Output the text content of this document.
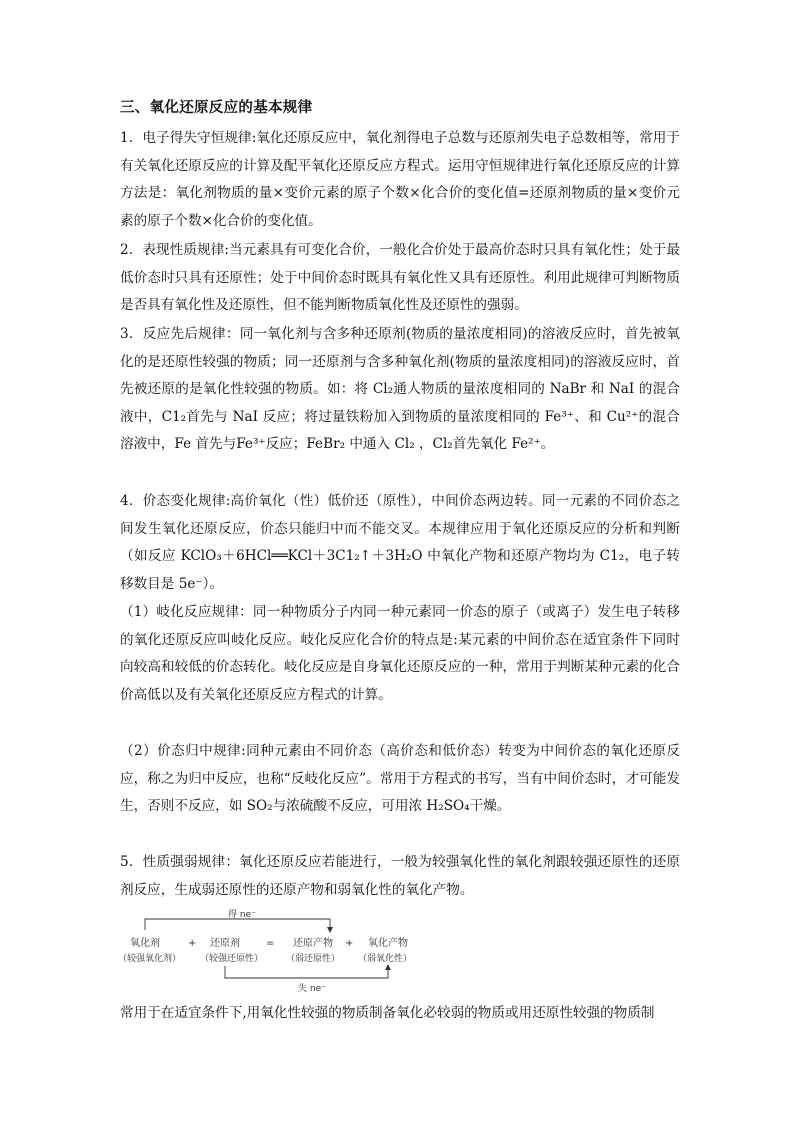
三、氧化还原反应的基本规律
1．电子得失守恒规律:氧化还原反应中，氧化剂得电子总数与还原剂失电子总数相等，常用于有关氧化还原反应的计算及配平氧化还原反应方程式。运用守恒规律进行氧化还原反应的计算方法是：氧化剂物质的量×变价元素的原子个数×化合价的变化值=还原剂物质的量×变价元素的原子个数×化合价的变化值。
2．表现性质规律:当元素具有可变化合价，一般化合价处于最高价态时只具有氧化性；处于最低价态时只具有还原性；处于中间价态时既具有氧化性又具有还原性。利用此规律可判断物质是否具有氧化性及还原性，但不能判断物质氧化性及还原性的强弱。
3．反应先后规律：同一氧化剂与含多种还原剂(物质的量浓度相同)的溶液反应时，首先被氧化的是还原性较强的物质；同一还原剂与含多种氧化剂(物质的量浓度相同)的溶液反应时，首先被还原的是氧化性较强的物质。如：将 Cl₂通人物质的量浓度相同的 NaBr 和 NaI 的混合液中，C1₂首先与 NaI 反应；将过量铁粉加入到物质的量浓度相同的 Fe³⁺、和 Cu²⁺的混合溶液中，Fe 首先与Fe³⁺反应；FeBr₂ 中通入 Cl₂ ，Cl₂首先氧化 Fe²⁺。
4．价态变化规律:高价氧化（性）低价还（原性），中间价态两边转。同一元素的不同价态之间发生氧化还原反应，价态只能归中而不能交叉。本规律应用于氧化还原反应的分析和判断（如反应 KClO₃＋6HCl══KCl＋3C1₂↑＋3H₂O 中氧化产物和还原产物均为 C1₂，电子转移数目是 5e⁻）。
（1）岐化反应规律：同一种物质分子内同一种元素同一价态的原子（或离子）发生电子转移的氧化还原反应叫岐化反应。岐化反应化合价的特点是:某元素的中间价态在适宜条件下同时向较高和较低的价态转化。岐化反应是自身氧化还原反应的一种，常用于判断某种元素的化合价高低以及有关氧化还原反应方程式的计算。
（2）价态归中规律:同种元素由不同价态（高价态和低价态）转变为中间价态的氧化还原反应，称之为归中反应，也称“反岐化反应”。常用于方程式的书写，当有中间价态时，才可能发生，否则不反应，如 SO₂与浓硫酸不反应，可用浓 H₂SO₄干燥。
5．性质强弱规律：氧化还原反应若能进行，一般为较强氧化性的氧化剂跟较强还原性的还原剂反应，生成弱还原性的还原产物和弱氧化性的氧化产物。
得 ne⁻
氧化剂	+ 还原剂	= 还原产物 + 氧化产物
（较强氧化剂） （较强还原性）	（弱还原性） （弱氧化性）
失 ne⁻
常用于在适宜条件下,用氧化性较强的物质制备氧化必较弱的物质或用还原性较强的物质制
